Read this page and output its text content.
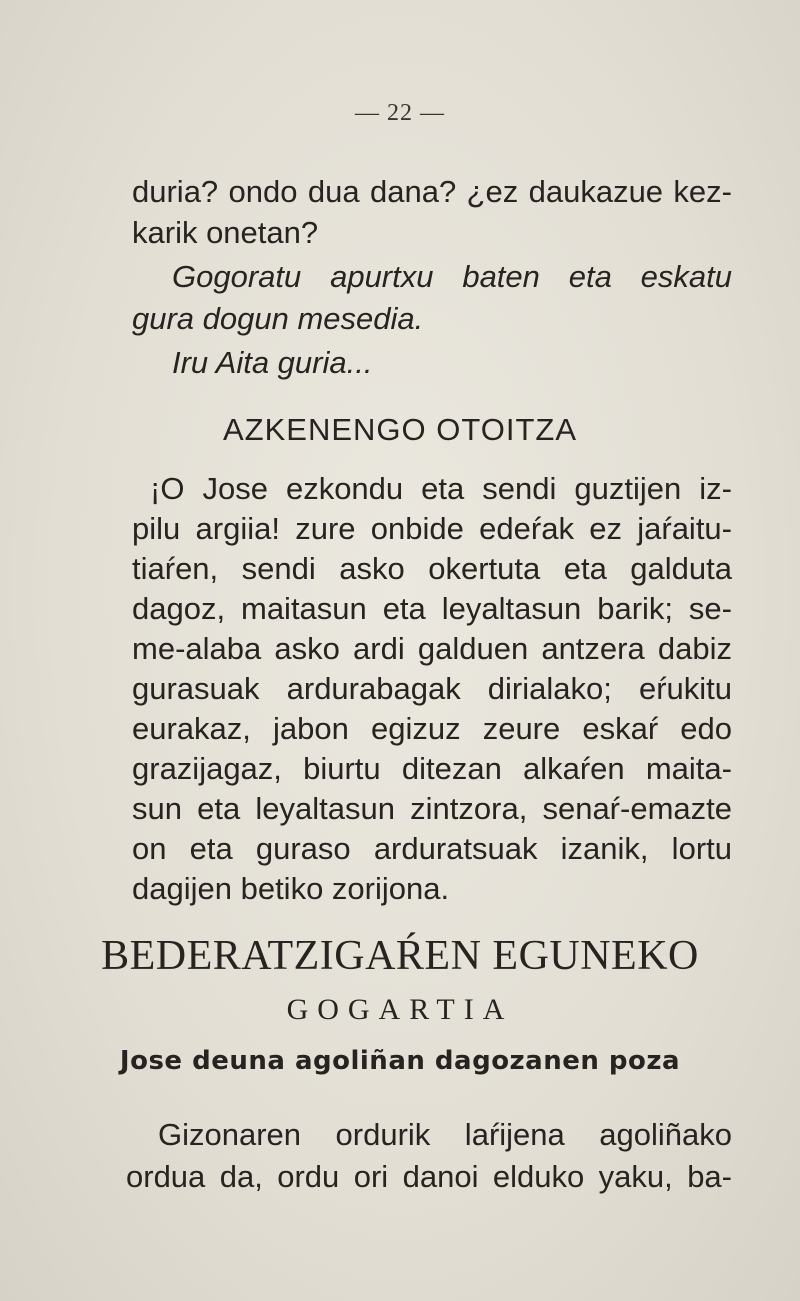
— 22 —
duria? ondo dua dana? ¿ez daukazue kez-
karik onetan?
Gogoratu apurtxu baten eta eskatu
gura dogun mesedia.
Iru Aita guria...
AZKENENGO OTOITZA
¡O Jose ezkondu eta sendi guztijen iz-
pilu argiia! zure onbide edeŕak ez jaŕaitu-
tiaŕen, sendi asko okertuta eta galduta
dagoz, maitasun eta leyaltasun barik; se-
me-alaba asko ardi galduen antzera dabiz
gurasuak ardurabagak dirialako; eŕukitu
eurakaz, jabon egizuz zeure eskaŕ edo
grazijagaz, biurtu ditezan alkaŕen maita-
sun eta leyaltasun zintzora, senaŕ-emazte
on eta guraso arduratsuak izanik, lortu
dagijen betiko zorijona.
BEDERATZIGAŔEN EGUNEKO
GOGARTIA
Jose deuna agoliñan dagozanen poza
Gizonaren ordurik laŕijena agoliñako
ordua da, ordu ori danoi elduko yaku, ba-
